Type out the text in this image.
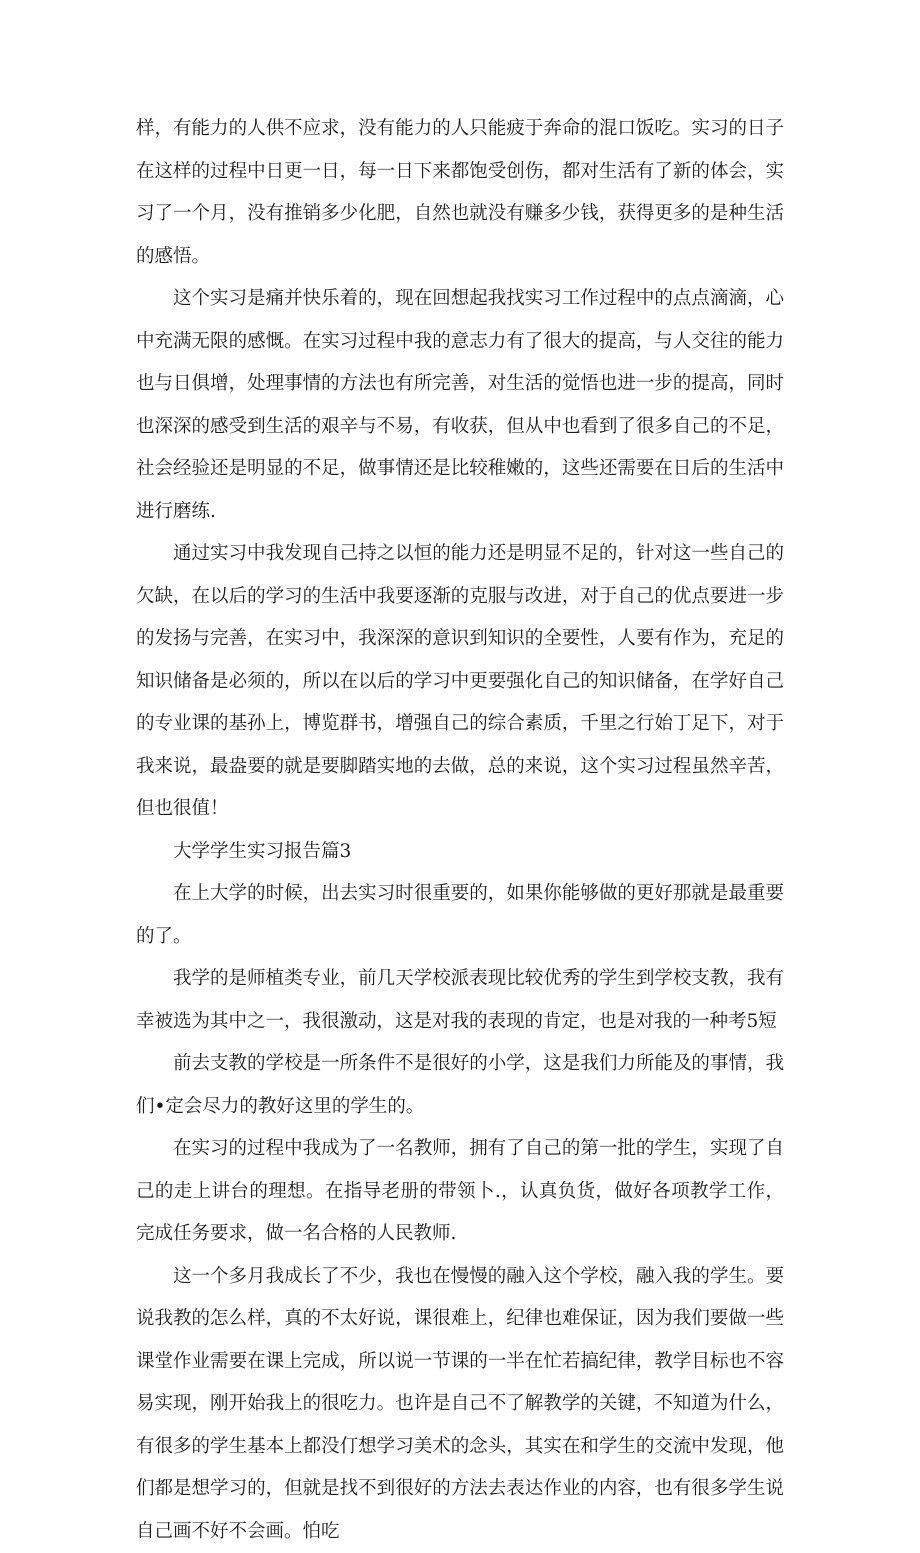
样，有能力的人供不应求，没有能力的人只能疲于奔命的混口饭吃。实习的日子在这样的过程中日更一日，每一日下来都饱受创伤，都对生活有了新的体会，实习了一个月，没有推销多少化肥，自然也就没有赚多少钱，获得更多的是种生活的感悟。

这个实习是痛并快乐着的，现在回想起我找实习工作过程中的点点滴滴，心中充满无限的感慨。在实习过程中我的意志力有了很大的提高，与人交往的能力也与日俱增，处理事情的方法也有所完善，对生活的觉悟也进一步的提高，同时也深深的感受到生活的艰辛与不易，有收获，但从中也看到了很多自己的不足，社会经验还是明显的不足，做事情还是比较稚嫩的，这些还需要在日后的生活中进行磨练.

通过实习中我发现自己持之以恒的能力还是明显不足的，针对这一些自己的欠缺，在以后的学习的生活中我要逐渐的克服与改进，对于自己的优点要进一步的发扬与完善，在实习中，我深深的意识到知识的全要性，人要有作为，充足的知识储备是必须的，所以在以后的学习中更要强化自己的知识储备，在学好自己的专业课的基孙上，博览群书，增强自己的综合素质，千里之行始丁足下，对于我来说，最盎要的就是要脚踏实地的去做，总的来说，这个实习过程虽然辛苦，但也很值！

大学学生实习报告篇3

在上大学的时候，出去实习时很重要的，如果你能够做的更好那就是最重要的了。

我学的是师植类专业，前几天学校派表现比较优秀的学生到学校支教，我有幸被选为其中之一，我很激动，这是对我的表现的肯定，也是对我的一种考5短

前去支教的学校是一所条件不是很好的小学，这是我们力所能及的事情，我们•定会尽力的教好这里的学生的。

在实习的过程中我成为了一名教师，拥有了自己的第一批的学生，实现了自己的走上讲台的理想。在指导老册的带领卜.，认真负货，做好各项教学工作，完成任务要求，做一名合格的人民教师.

这一个多月我成长了不少，我也在慢慢的融入这个学校，融入我的学生。要说我教的怎么样，真的不太好说，课很难上，纪律也难保证，因为我们要做一些课堂作业需要在课上完成，所以说一节课的一半在忙若搞纪律，教学目标也不容易实现，刚开始我上的很吃力。也许是自己不了解教学的关键，不知道为什么，有很多的学生基本上都没仃想学习美术的念头，其实在和学生的交流中发现，他们都是想学习的，但就是找不到很好的方法去表达作业的内容，也有很多学生说自己画不好不会画。怕吃
